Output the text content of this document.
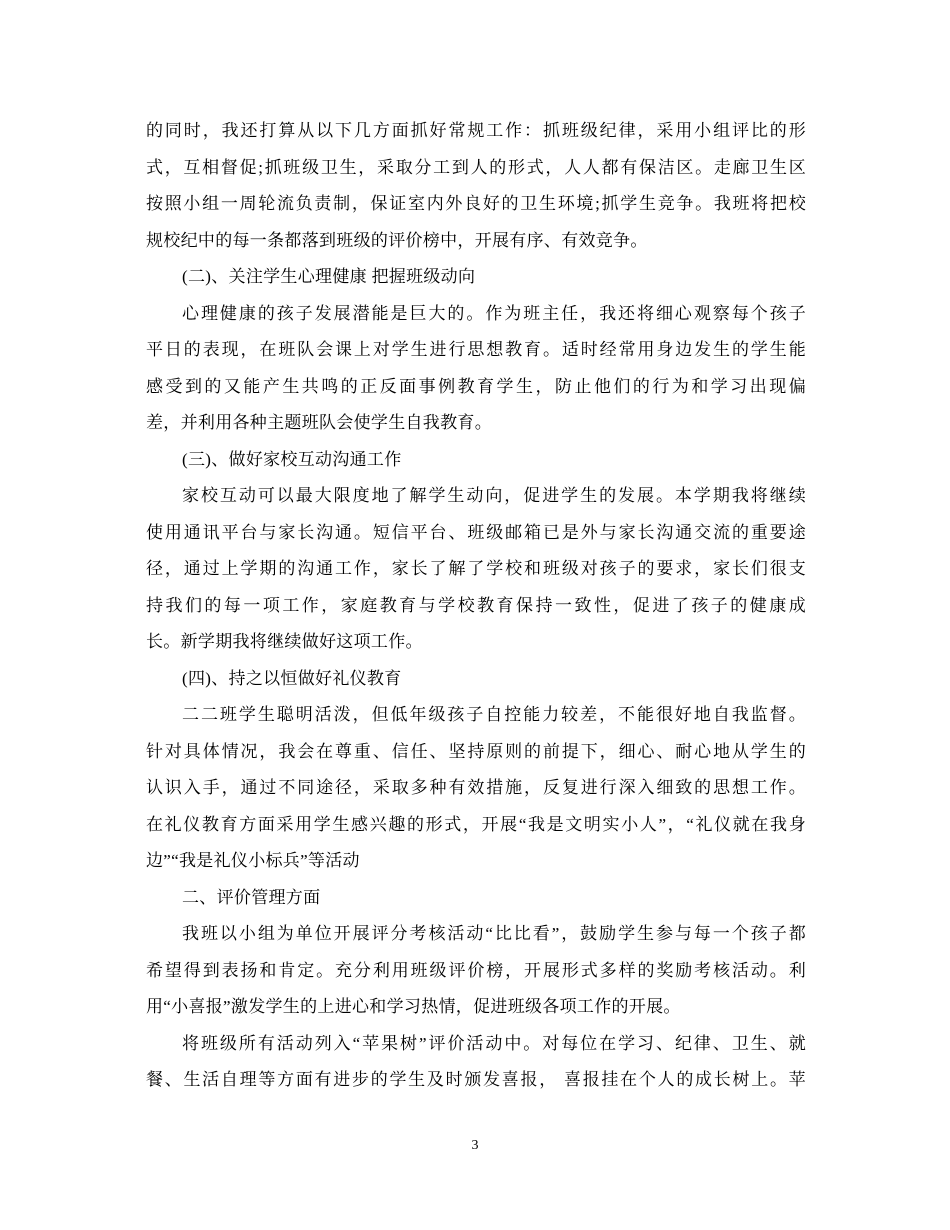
的同时，我还打算从以下几方面抓好常规工作：抓班级纪律，采用小组评比的形
式，互相督促;抓班级卫生，采取分工到人的形式，人人都有保洁区。走廊卫生区
按照小组一周轮流负责制，保证室内外良好的卫生环境;抓学生竞争。我班将把校
规校纪中的每一条都落到班级的评价榜中，开展有序、有效竞争。
(二)、关注学生心理健康 把握班级动向
心理健康的孩子发展潜能是巨大的。作为班主任，我还将细心观察每个孩子
平日的表现，在班队会课上对学生进行思想教育。适时经常用身边发生的学生能
感受到的又能产生共鸣的正反面事例教育学生，防止他们的行为和学习出现偏
差，并利用各种主题班队会使学生自我教育。
(三)、做好家校互动沟通工作
家校互动可以最大限度地了解学生动向，促进学生的发展。本学期我将继续
使用通讯平台与家长沟通。短信平台、班级邮箱已是外与家长沟通交流的重要途
径，通过上学期的沟通工作，家长了解了学校和班级对孩子的要求，家长们很支
持我们的每一项工作，家庭教育与学校教育保持一致性，促进了孩子的健康成
长。新学期我将继续做好这项工作。
(四)、持之以恒做好礼仪教育
二二班学生聪明活泼，但低年级孩子自控能力较差，不能很好地自我监督。
针对具体情况，我会在尊重、信任、坚持原则的前提下，细心、耐心地从学生的
认识入手，通过不同途径，采取多种有效措施，反复进行深入细致的思想工作。
在礼仪教育方面采用学生感兴趣的形式，开展“我是文明实小人”，“礼仪就在我身
边”“我是礼仪小标兵”等活动
二、评价管理方面
我班以小组为单位开展评分考核活动“比比看”，鼓励学生参与每一个孩子都
希望得到表扬和肯定。充分利用班级评价榜，开展形式多样的奖励考核活动。利
用“小喜报”激发学生的上进心和学习热情，促进班级各项工作的开展。
将班级所有活动列入“苹果树”评价活动中。对每位在学习、纪律、卫生、就
餐、生活自理等方面有进步的学生及时颁发喜报， 喜报挂在个人的成长树上。苹
3
